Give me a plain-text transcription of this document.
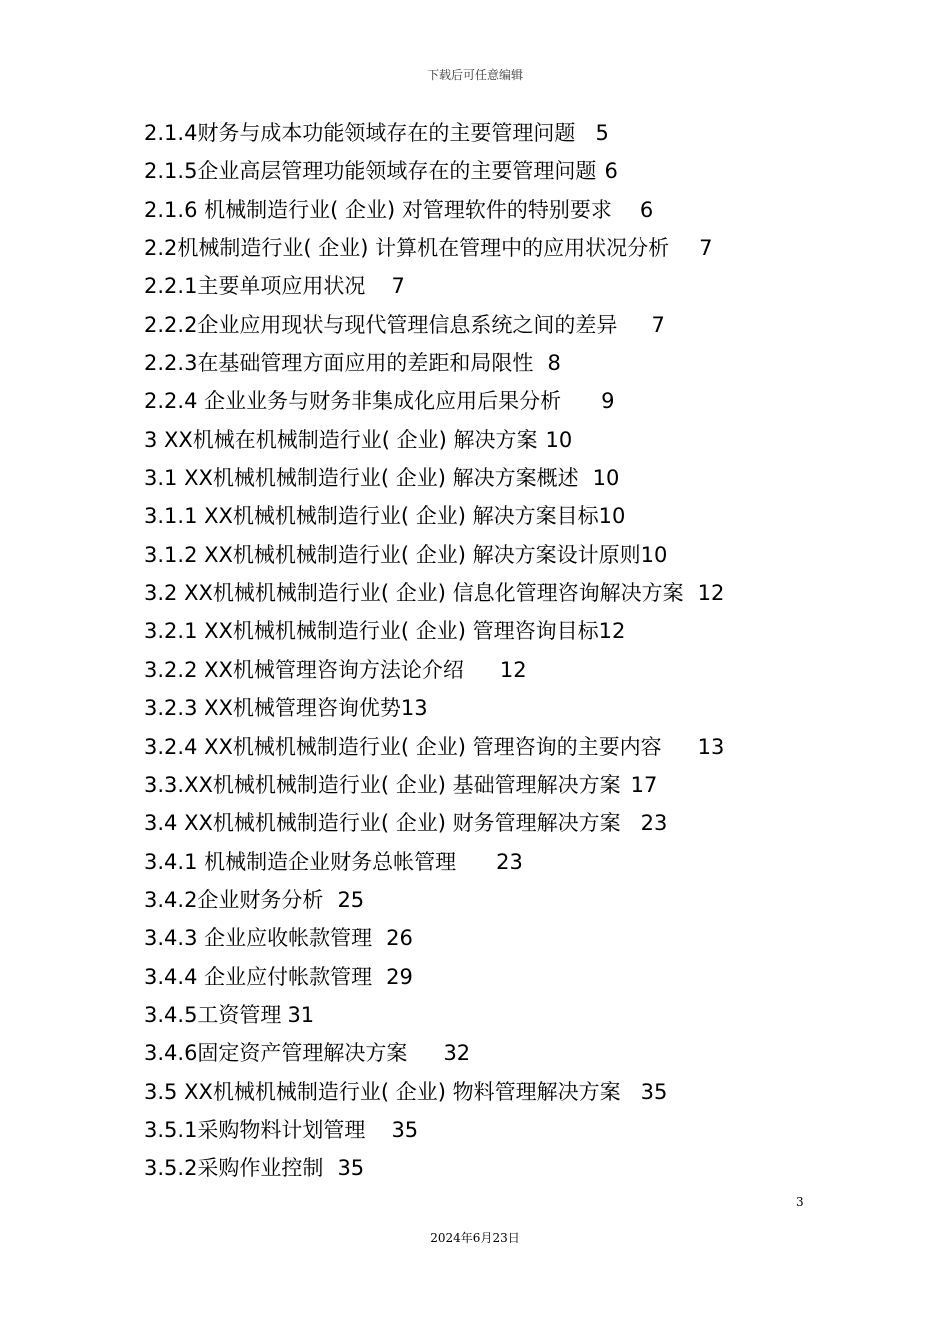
下载后可任意编辑
2.1.4财务与成本功能领域存在的主要管理问题 5
2.1.5企业高层管理功能领域存在的主要管理问题 6
2.1.6 机械制造行业( 企业) 对管理软件的特别要求 6
2.2机械制造行业( 企业) 计算机在管理中的应用状况分析 7
2.2.1主要单项应用状况 7
2.2.2企业应用现状与现代管理信息系统之间的差异 7
2.2.3在基础管理方面应用的差距和局限性 8
2.2.4 企业业务与财务非集成化应用后果分析 9
3 XX机械在机械制造行业( 企业) 解决方案 10
3.1 XX机械机械制造行业( 企业) 解决方案概述 10
3.1.1 XX机械机械制造行业( 企业) 解决方案目标10
3.1.2 XX机械机械制造行业( 企业) 解决方案设计原则10
3.2 XX机械机械制造行业( 企业) 信息化管理咨询解决方案 12
3.2.1 XX机械机械制造行业( 企业) 管理咨询目标12
3.2.2 XX机械管理咨询方法论介绍 12
3.2.3 XX机械管理咨询优势13
3.2.4 XX机械机械制造行业( 企业) 管理咨询的主要内容 13
3.3.XX机械机械制造行业( 企业) 基础管理解决方案 17
3.4 XX机械机械制造行业( 企业) 财务管理解决方案 23
3.4.1 机械制造企业财务总帐管理 23
3.4.2企业财务分析 25
3.4.3 企业应收帐款管理 26
3.4.4 企业应付帐款管理 29
3.4.5工资管理 31
3.4.6固定资产管理解决方案 32
3.5 XX机械机械制造行业( 企业) 物料管理解决方案 35
3.5.1采购物料计划管理 35
3.5.2采购作业控制 35
3
2024年6月23日
